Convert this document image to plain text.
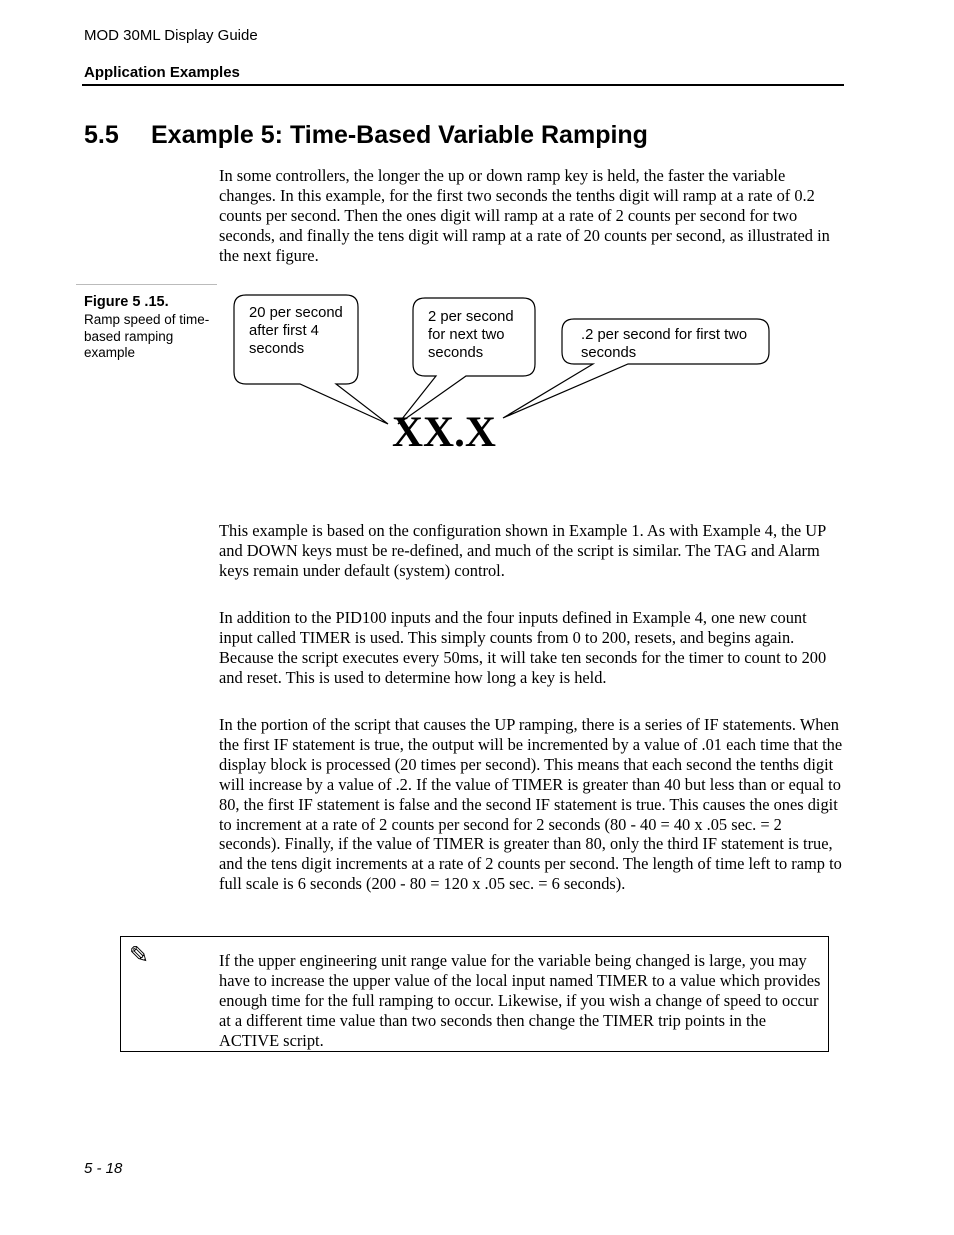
MOD 30ML Display Guide
Application Examples
5.5 Example 5: Time-Based Variable Ramping
In some controllers, the longer the up or down ramp key is held, the faster the variable changes. In this example, for the first two seconds the tenths digit will ramp at a rate of 0.2 counts per second. Then the ones digit will ramp at a rate of 2 counts per second for two seconds, and finally the tens digit will ramp at a rate of 20 counts per second, as illustrated in the next figure.
Figure 5 .15.
Ramp speed of time-based ramping example
20 per second after first 4 seconds
2 per second for next two seconds
.2 per second for first two seconds
XX.X
This example is based on the configuration shown in Example 1. As with Example 4, the UP and DOWN keys must be re-defined, and much of the script is similar. The TAG and Alarm keys remain under default (system) control.
In addition to the PID100 inputs and the four inputs defined in Example 4, one new count input called TIMER is used. This simply counts from 0 to 200, resets, and begins again. Because the script executes every 50ms, it will take ten seconds for the timer to count to 200 and reset. This is used to determine how long a key is held.
In the portion of the script that causes the UP ramping, there is a series of IF statements. When the first IF statement is true, the output will be incremented by a value of .01 each time that the display block is processed (20 times per second). This means that each second the tenths digit will increase by a value of .2. If the value of TIMER is greater than 40 but less than or equal to 80, the first IF statement is false and the second IF statement is true. This causes the ones digit to increment at a rate of 2 counts per second for 2 seconds (80 - 40 = 40 x .05 sec. = 2 seconds). Finally, if the value of TIMER is greater than 80, only the third IF statement is true, and the tens digit increments at a rate of 2 counts per second. The length of time left to ramp to full scale is 6 seconds (200 - 80 = 120 x .05 sec. = 6 seconds).
✎	If the upper engineering unit range value for the variable being changed is large, you may have to increase the upper value of the local input named TIMER to a value which provides enough time for the full ramping to occur. Likewise, if you wish a change of speed to occur at a different time value than two seconds then change the TIMER trip points in the ACTIVE script.
5 - 18
